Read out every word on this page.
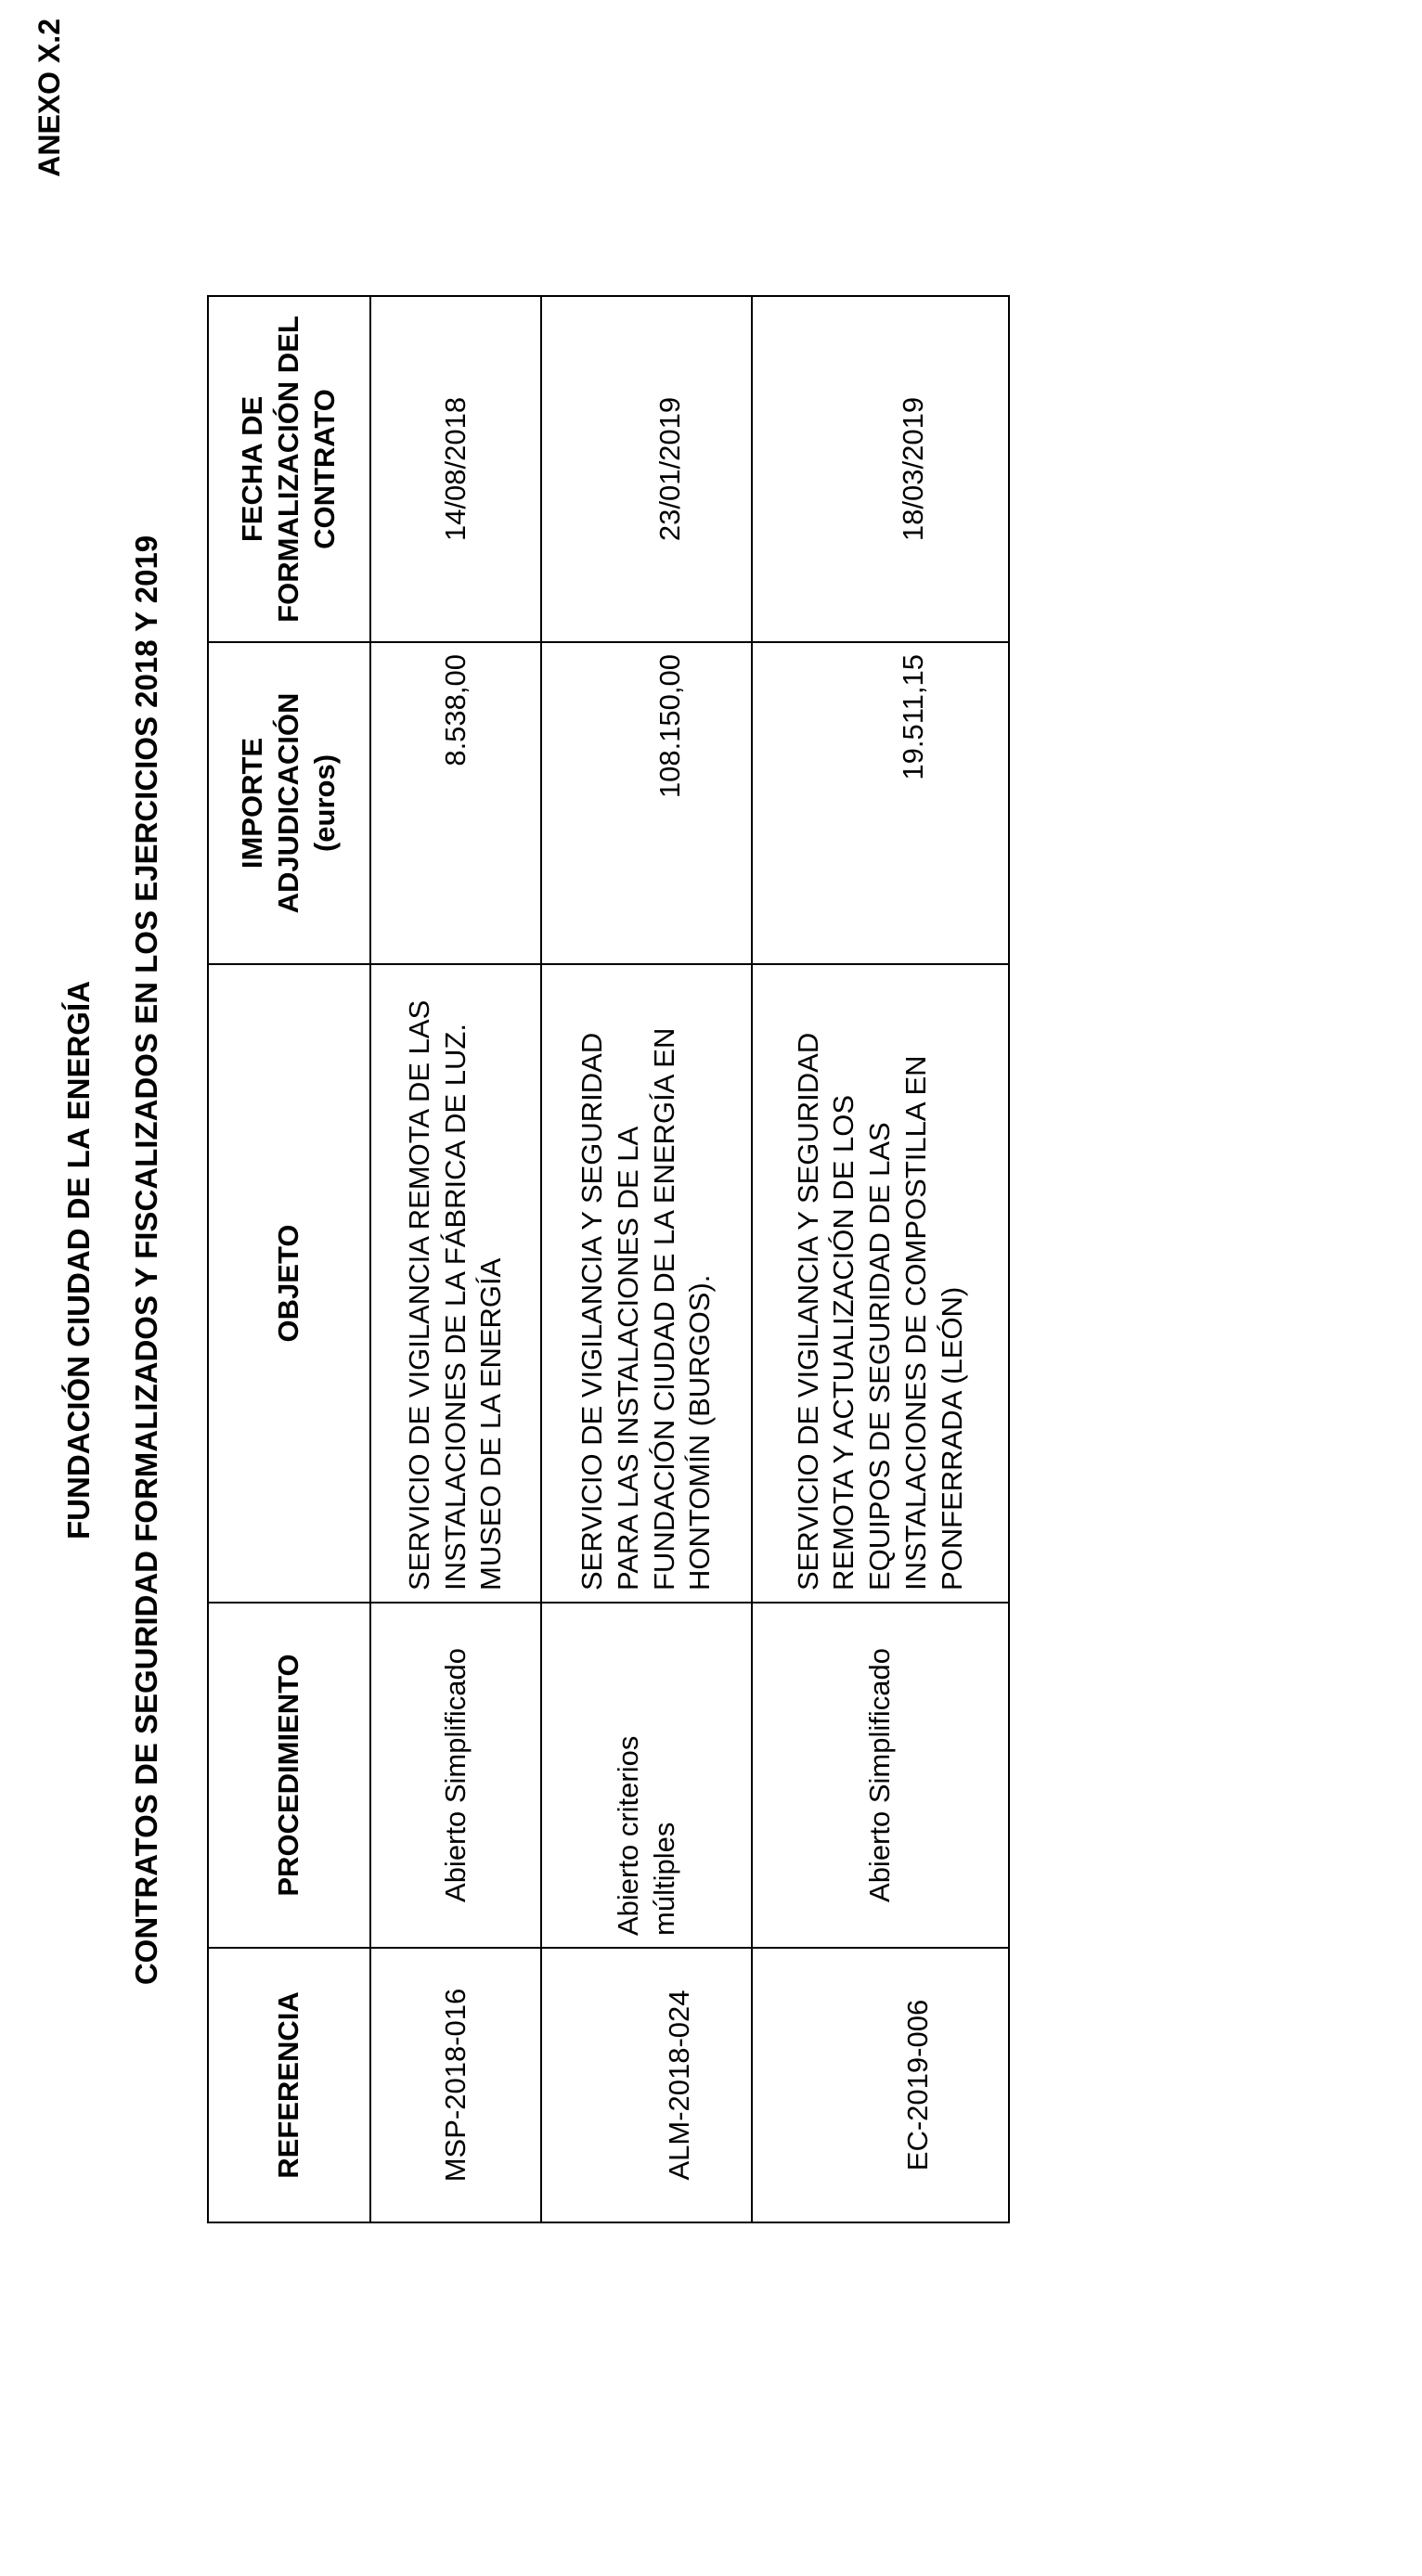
ANEXO X.2
FUNDACIÓN CIUDAD DE LA ENERGÍA CONTRATOS DE SEGURIDAD FORMALIZADOS Y FISCALIZADOS EN LOS EJERCICIOS 2018 Y 2019
REFERENCIA	PROCEDIMIENTO	OBJETO	IMPORTE ADJUDICACIÓN (euros)	FECHA DE FORMALIZACIÓN DEL CONTRATO
MSP-2018-016	Abierto Simplificado	SERVICIO DE VIGILANCIA REMOTA DE LAS INSTALACIONES DE LA FÁBRICA DE LUZ. MUSEO DE LA ENERGÍA	8.538,00	14/08/2018
ALM-2018-024	Abierto criterios múltiples	SERVICIO DE VIGILANCIA Y SEGURIDAD PARA LAS INSTALACIONES DE LA FUNDACIÓN CIUDAD DE LA ENERGÍA EN HONTOMÍN (BURGOS).	108.150,00	23/01/2019
EC-2019-006	Abierto Simplificado	SERVICIO DE VIGILANCIA Y SEGURIDAD REMOTA Y ACTUALIZACIÓN DE LOS EQUIPOS DE SEGURIDAD DE LAS INSTALACIONES DE COMPOSTILLA EN PONFERRADA (LEÓN)	19.511,15	18/03/2019
